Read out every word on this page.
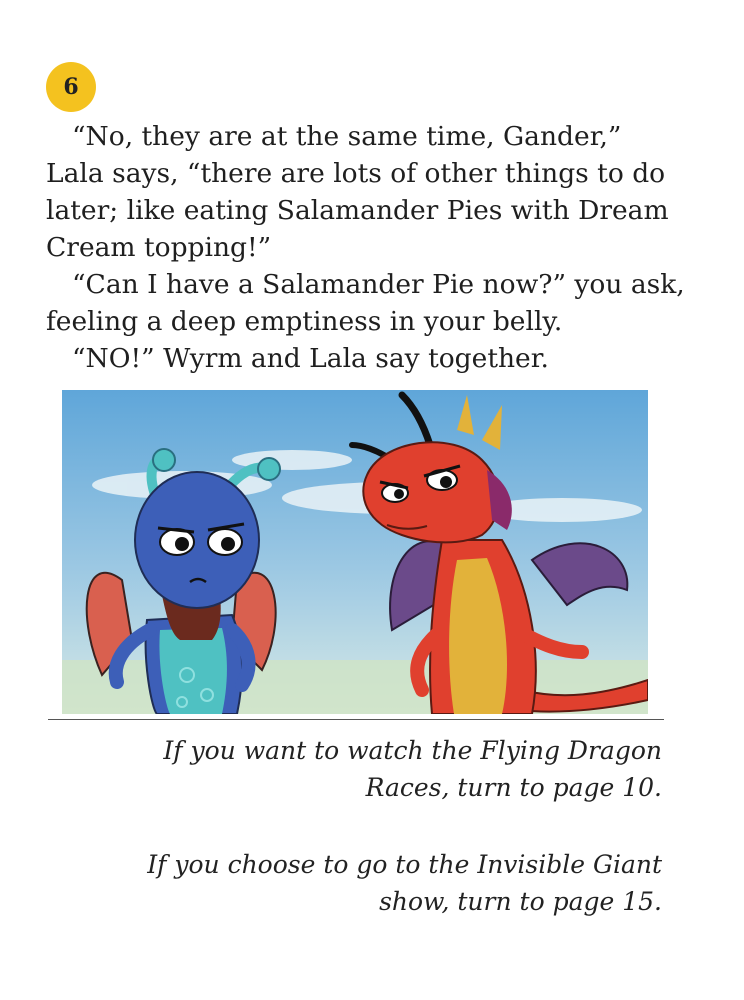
6

“No, they are at the same time, Gander,” Lala says, “there are lots of other things to do later; like eating Salamander Pies with Dream Cream topping!”

“Can I have a Salamander Pie now?” you ask, feeling a deep emptiness in your belly.

“NO!” Wyrm and Lala say together.

If you want to watch the Flying Dragon
Races, turn to page 10.
If you choose to go to the Invisible Giant
show, turn to page 15.
